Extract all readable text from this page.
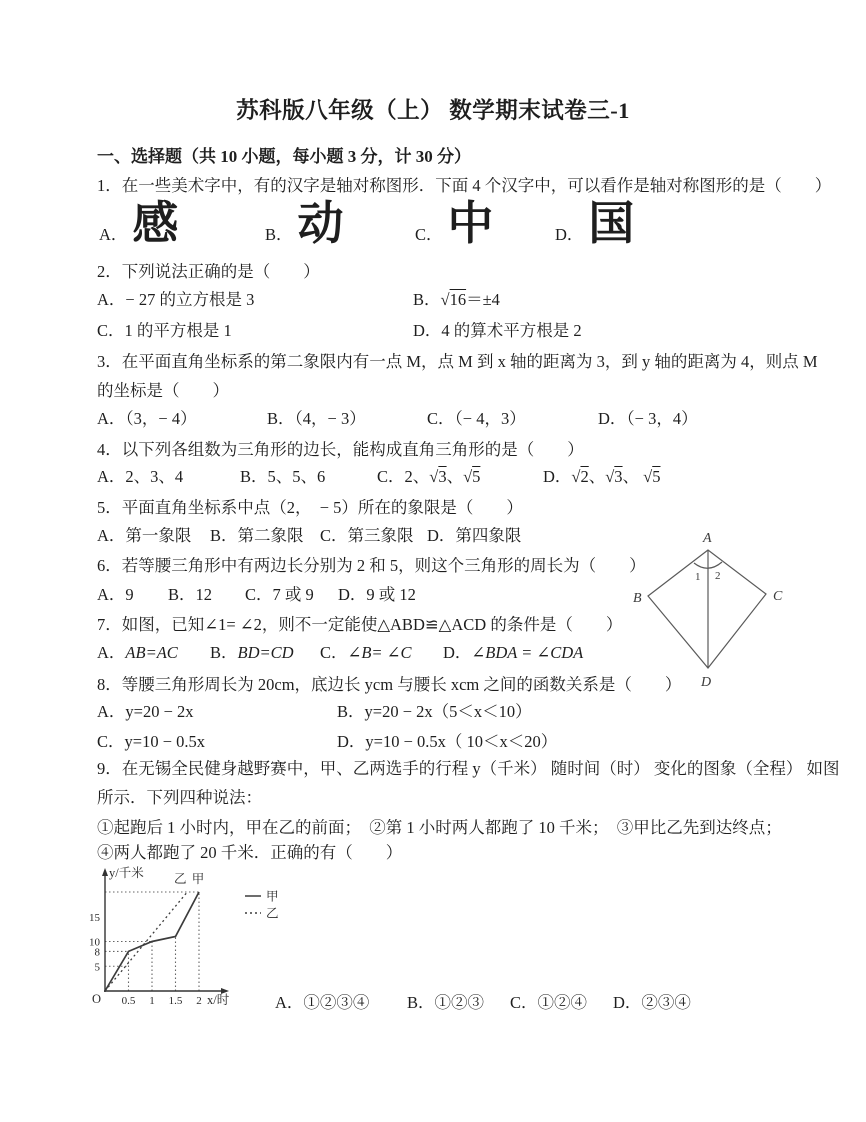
苏科版八年级（上） 数学期末试卷三-1
一、选择题（共 10 小题，每小题 3 分，计 30 分）
1．在一些美术字中，有的汉字是轴对称图形．下面 4 个汉字中，可以看作是轴对称图形的是（　　）
A． 感	B． 动	C． 中	D． 国
2．下列说法正确的是（　　）
A．− 27 的立方根是 3	B．√16＝±4
C．1 的平方根是 1	D．4 的算术平方根是 2
3．在平面直角坐标系的第二象限内有一点 M，点 M 到 x 轴的距离为 3，到 y 轴的距离为 4，则点 M
的坐标是（　　）
A．（3，− 4）	B．（4，− 3）	C．（− 4，3）	D．（− 3，4）
4．以下列各组数为三角形的边长，能构成直角三角形的是（　　）
A．2、3、4	B．5、5、6	C．2、√3、√5	D．√2、√3、 √5
5．平面直角坐标系中点（2，　− 5）所在的象限是（　　）
A．第一象限	B．第二象限 C．第三象限 D．第四象限
6．若等腰三角形中有两边长分别为 2 和 5，则这个三角形的周长为（　　）
A．9	B．12	C．7 或 9	D．9 或 12
7．如图，已知∠1= ∠2，则不一定能使△ABD≌△ACD 的条件是（　　）
A．AB=AC	B．BD=CD	C．∠B= ∠C	D．∠BDA = ∠CDA
A
B	C
D
1 2
8．等腰三角形周长为 20cm，底边长 ycm 与腰长 xcm 之间的函数关系是（　　）
A．y=20 − 2x	B．y=20 − 2x（5＜x＜10）
C．y=10 − 0.5x	D．y=10 − 0.5x（ 10＜x＜20）
9．在无锡全民健身越野赛中，甲、乙两选手的行程 y（千米） 随时间（时） 变化的图象（全程） 如图
所示．下列四种说法：
①起跑后 1 小时内，甲在乙的前面；　②第 1 小时两人都跑了 10 千米；　③甲比乙先到达终点；
④两人都跑了 20 千米．正确的有（　　）
0.5 1 1.5 2
5
8
10
15
y/千米
x/时
O
乙 甲
甲
乙
A．①②③④	B．①②③	C．①②④	D．②③④
